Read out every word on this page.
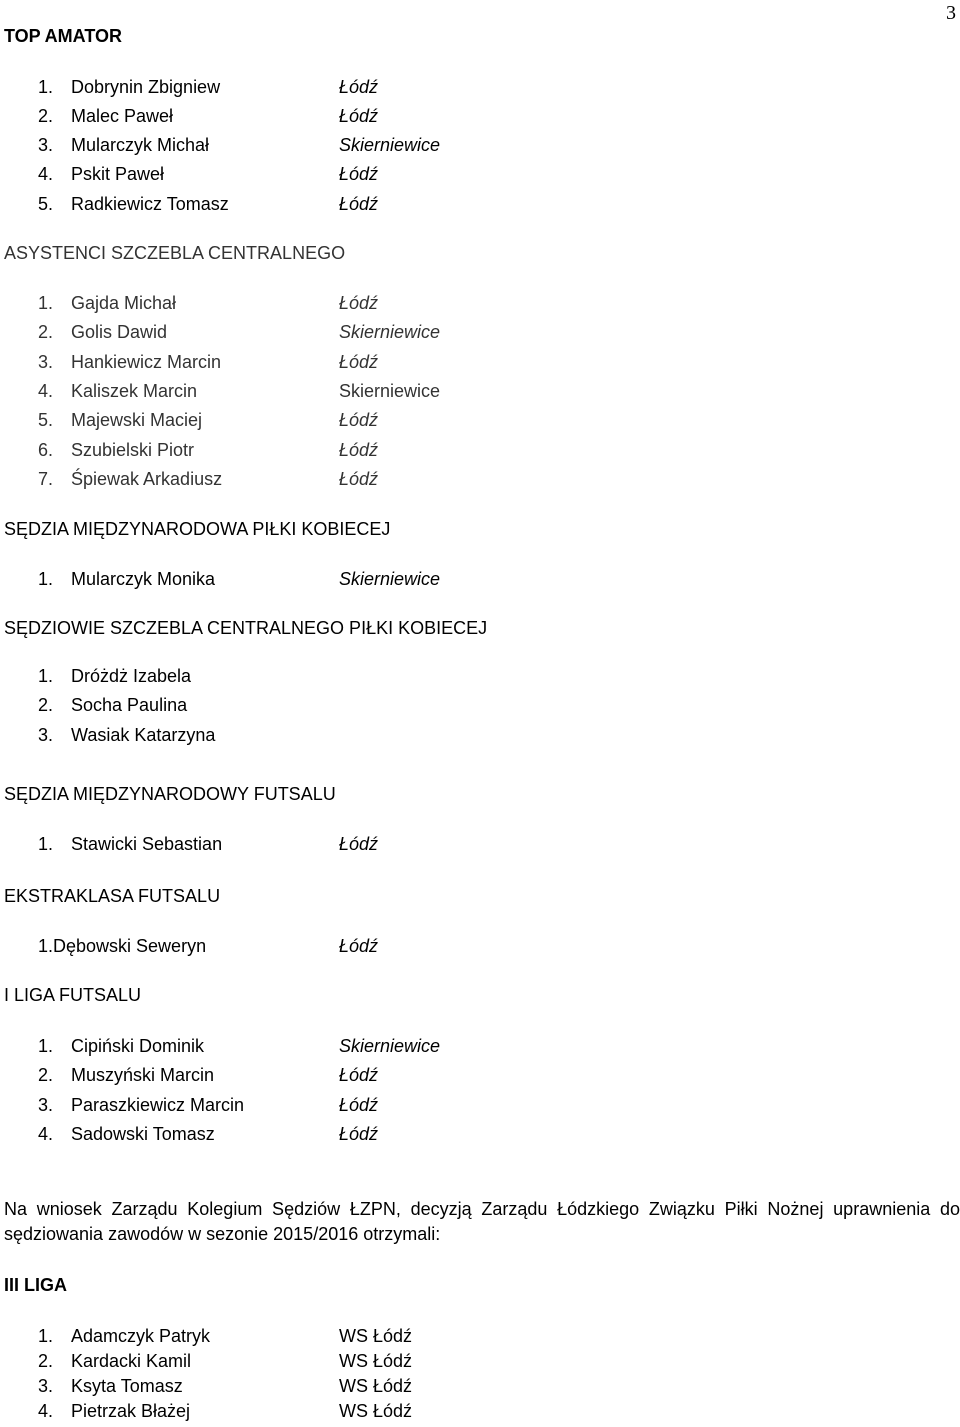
3
TOP AMATOR
1. Dobrynin Zbigniew	Łódź
2. Malec Paweł	Łódź
3. Mularczyk Michał	Skierniewice
4. Pskit Paweł	Łódź
5. Radkiewicz Tomasz	Łódź
ASYSTENCI SZCZEBLA CENTRALNEGO
1. Gajda Michał	Łódź
2. Golis Dawid	Skierniewice
3. Hankiewicz Marcin	Łódź
4. Kaliszek Marcin	Skierniewice
5. Majewski Maciej	Łódź
6. Szubielski Piotr	Łódź
7. Śpiewak Arkadiusz	Łódź
SĘDZIA MIĘDZYNARODOWA PIŁKI KOBIECEJ
1. Mularczyk Monika	Skierniewice
SĘDZIOWIE SZCZEBLA CENTRALNEGO PIŁKI KOBIECEJ
1. Dróżdż Izabela
2. Socha Paulina
3. Wasiak Katarzyna
SĘDZIA MIĘDZYNARODOWY FUTSALU
1. Stawicki Sebastian	Łódź
EKSTRAKLASA FUTSALU
1.Dębowski Seweryn	Łódź
I LIGA FUTSALU
1. Cipiński Dominik	Skierniewice
2. Muszyński Marcin	Łódź
3. Paraszkiewicz Marcin	Łódź
4. Sadowski Tomasz	Łódź
Na wniosek Zarządu Kolegium Sędziów ŁZPN, decyzją Zarządu Łódzkiego Związku Piłki Nożnej uprawnienia do sędziowania zawodów w sezonie 2015/2016 otrzymali:
III LIGA
1. Adamczyk Patryk	WS Łódź
2. Kardacki Kamil	WS Łódź
3. Ksyta Tomasz	WS Łódź
4. Pietrzak Błażej	WS Łódź
